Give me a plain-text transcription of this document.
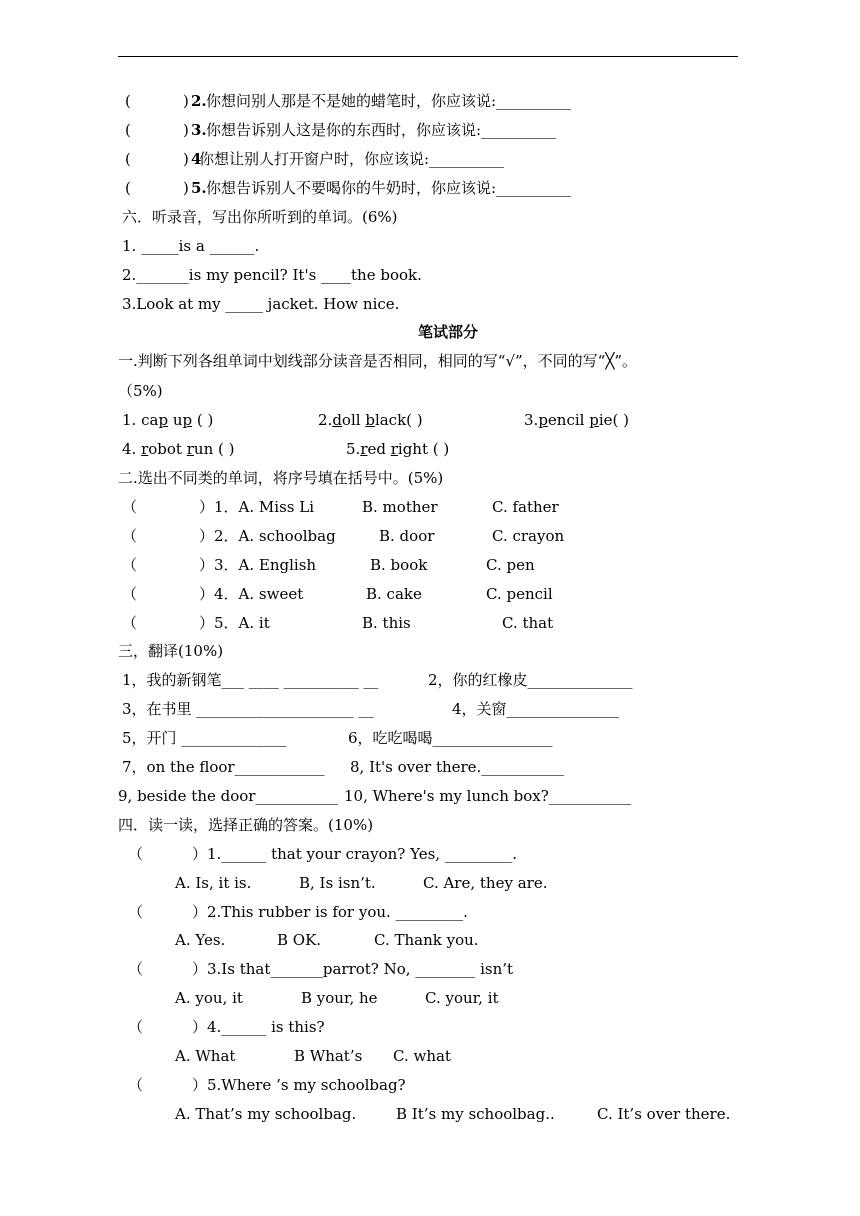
(	) 2. 你想问别人那是不是她的蜡笔时，你应该说:__________
(	) 3. 你想告诉别人这是你的东西时，你应该说:__________
(	) 4
你想让别人打开窗户时，你应该说:__________
(	) 5. 你想告诉别人不要喝你的牛奶时，你应该说:__________
六．听录音，写出你所听到的单词。(6%)
1. _____is a ______.
2._______is my pencil? It's ____the book.
3.Look at my _____ jacket. How nice.
笔试部分
一.判断下列各组单词中划线部分读音是否相同，相同的写“√”，不同的写“╳”。
（5%)
1. cap up ( )	2.doll black( )	3.pencil pie( )
4. robot run ( )	5.red right ( )
二.选出不同类的单词，将序号填在括号中。(5%)
（	）1．A. Miss Li	B. mother	C. father
（	）2．A. schoolbag	B. door	C. crayon
（	）3．A. English	B. book	C. pen
（	）4．A. sweet	B. cake	C. pencil
（	）5．A. it	B. this	C. that
三，翻译(10%)
1，我的新钢笔___ ____ __________ __	2，你的红橡皮______________
3，在书里 _____________________ __	4，关窗_______________
5，开门 ______________	6，吃吃喝喝________________
7，on the floor____________ 8, It's over there.___________
9, beside the door___________ 10, Where's my lunch box?___________
四．读一读，选择正确的答案。(10%)
（	）1.______ that your crayon? Yes, _________.
A. Is, it is.	B, Is isn’t.	C. Are, they are.
（	）2.This rubber is for you. _________.
A. Yes.	B OK.	C. Thank you.
（	）3.Is that_______parrot? No, ________ isn’t
A. you, it	B your, he	C. your, it
（	）4.______ is this?
A. What	B What’s C. what
（	）5.Where ’s my schoolbag?
A. That’s my schoolbag.	B It’s my schoolbag..	C. It’s over there.
